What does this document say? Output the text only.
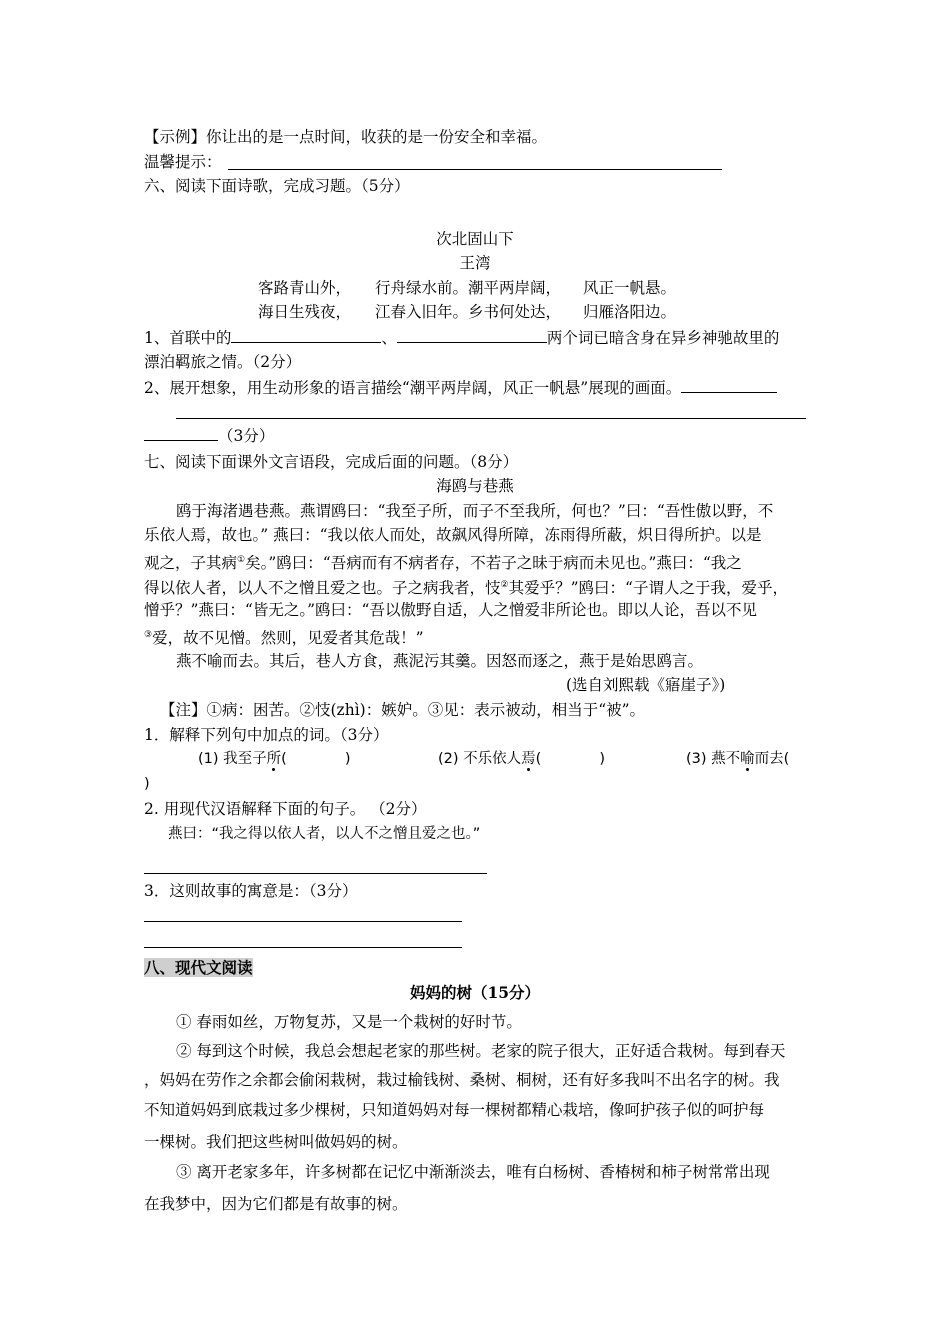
【示例】你让出的是一点时间，收获的是一份安全和幸福。
温馨提示：
六、阅读下面诗歌，完成习题。（5分）
次北固山下
王湾
客路青山外， 行舟绿水前。潮平两岸阔， 风正一帆悬。
海日生残夜， 江春入旧年。乡书何处达， 归雁洛阳边。
1、首联中的	、	两个词已暗含身在异乡神驰故里的
漂泊羁旅之情。（2分）
2、展开想象，用生动形象的语言描绘“潮平两岸阔，风正一帆悬”展现的画面。
（3分）
七、阅读下面课外文言语段，完成后面的问题。（8分）
海鸥与巷燕
鸥于海渚遇巷燕。燕谓鸥曰：“我至子所，而子不至我所，何也？”曰：“吾性傲以野，不
乐依人焉，故也。” 燕曰：“我以依人而处，故飙风得所障，冻雨得所蔽，炽日得所护。以是
观之，子其病①矣。”鸥曰：“吾病而有不病者存，不若子之昧于病而未见也。”燕曰：“我之
得以依人者，以人不之憎且爱之也。子之病我者，忮②其爱乎？”鸥曰：“子谓人之于我，爱乎，
憎乎？”燕曰：“皆无之。”鸥曰：“吾以傲野自适，人之憎爱非所论也。即以人论，吾以不见
③爱，故不见憎。然则，见爱者其危哉！”
燕不喻而去。其后，巷人方食，燕泥污其羹。因怒而逐之，燕于是始思鸥言。
(选自刘熙载《寤崖子》)
【注】①病：困苦。②忮(zhì)：嫉妒。③见：表示被动，相当于“被”。
1．解释下列句中加点的词。（3分）
(1) 我至子所(	)	(2) 不乐依人焉(	)	(3) 燕不喻而去(
)
2. 用现代汉语解释下面的句子。 （2分）
燕曰：“我之得以依人者，以人不之憎且爱之也。”
3．这则故事的寓意是：（3分）
八、现代文阅读
妈妈的树（15分）
① 春雨如丝，万物复苏，又是一个栽树的好时节。
② 每到这个时候，我总会想起老家的那些树。老家的院子很大，正好适合栽树。每到春天
，妈妈在劳作之余都会偷闲栽树，栽过榆钱树、桑树、桐树，还有好多我叫不出名字的树。我
不知道妈妈到底栽过多少棵树，只知道妈妈对每一棵树都精心栽培，像呵护孩子似的呵护每
一棵树。我们把这些树叫做妈妈的树。
③ 离开老家多年，许多树都在记忆中渐渐淡去，唯有白杨树、香椿树和柿子树常常出现
在我梦中，因为它们都是有故事的树。
